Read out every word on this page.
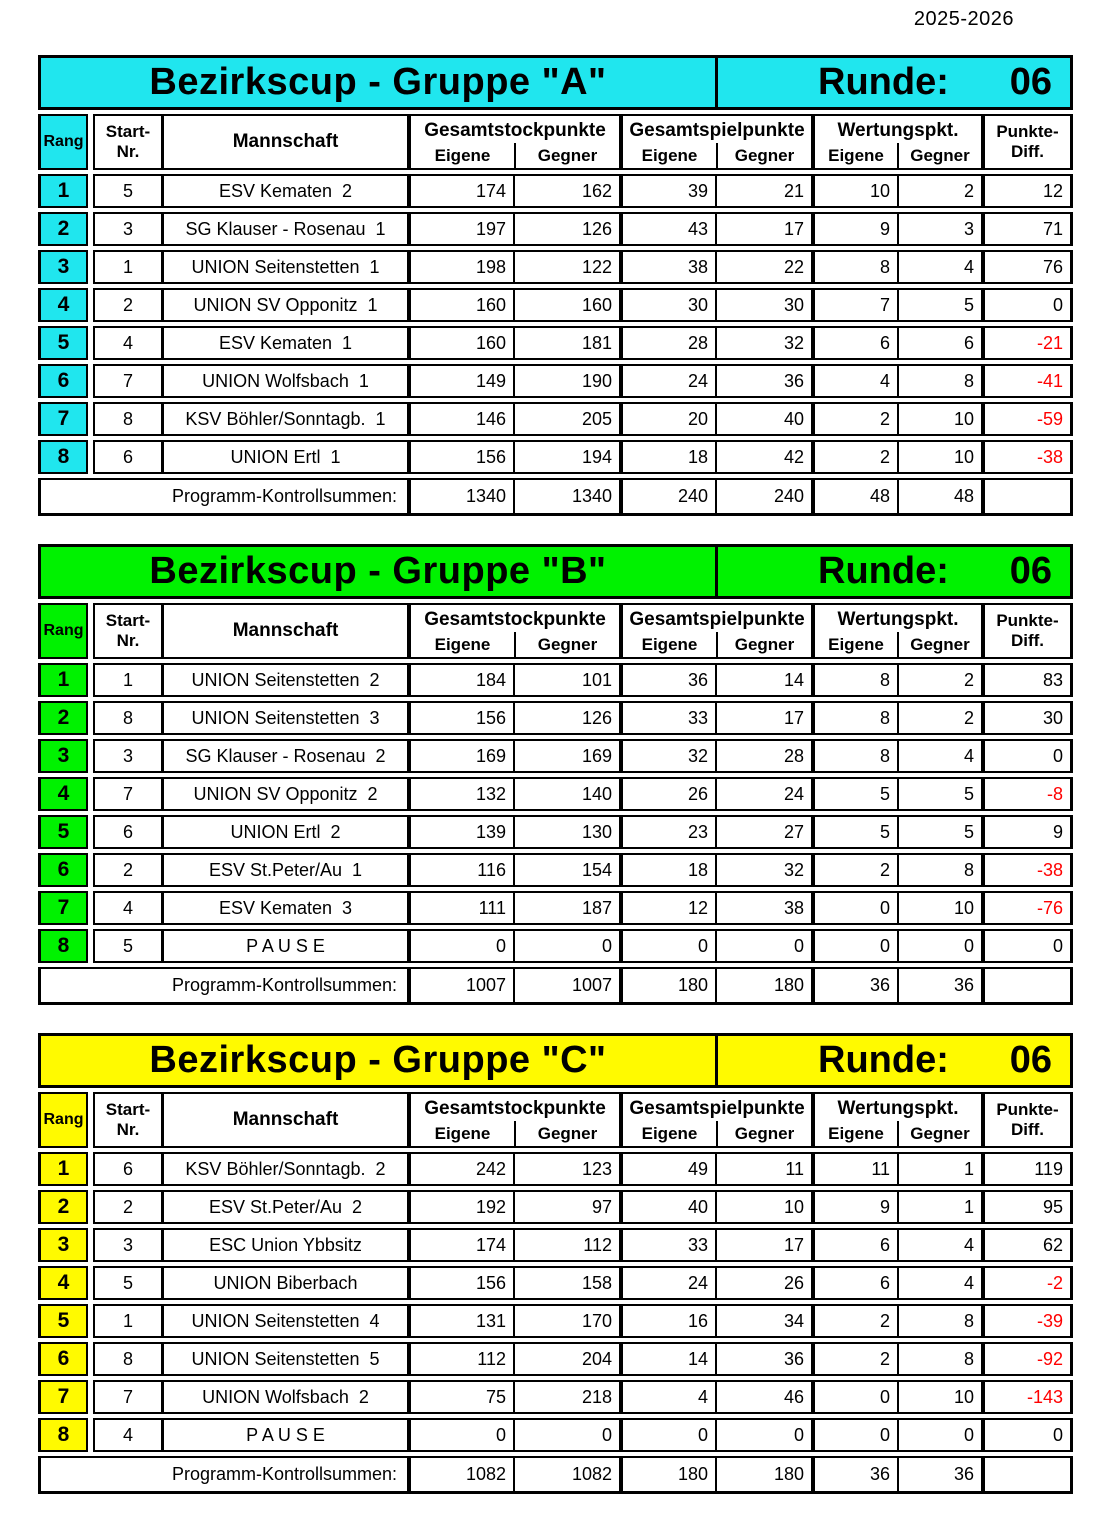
2025-2026
Bezirkscup - Gruppe "A"	Runde: 06
Rang
Start-
Nr.	Mannschaft
Gesamtstockpunkte
Eigene	Gegner
Gesamtspielpunkte
Eigene	Gegner
Wertungspkt.
Eigene	Gegner
Punkte-
Diff.
1	5	ESV Kematen  2	174	162	39	21	10	2	12
2	3	SG Klauser - Rosenau  1	197	126	43	17	9	3	71
3	1	UNION Seitenstetten  1	198	122	38	22	8	4	76
4	2	UNION SV Opponitz  1	160	160	30	30	7	5	0
5	4	ESV Kematen  1	160	181	28	32	6	6	-21
6	7	UNION Wolfsbach  1	149	190	24	36	4	8	-41
7	8	KSV Böhler/Sonntagb.  1	146	205	20	40	2	10	-59
8	6	UNION Ertl  1	156	194	18	42	2	10	-38
Programm-Kontrollsummen:	1340	1340	240	240	48	48
Bezirkscup - Gruppe "B"	Runde: 06
Rang
Start-
Nr.	Mannschaft
Gesamtstockpunkte
Eigene	Gegner
Gesamtspielpunkte
Eigene	Gegner
Wertungspkt.
Eigene	Gegner
Punkte-
Diff.
1	1	UNION Seitenstetten  2	184	101	36	14	8	2	83
2	8	UNION Seitenstetten  3	156	126	33	17	8	2	30
3	3	SG Klauser - Rosenau  2	169	169	32	28	8	4	0
4	7	UNION SV Opponitz  2	132	140	26	24	5	5	-8
5	6	UNION Ertl  2	139	130	23	27	5	5	9
6	2	ESV St.Peter/Au  1	116	154	18	32	2	8	-38
7	4	ESV Kematen  3	111	187	12	38	0	10	-76
8	5	P A U S E	0	0	0	0	0	0	0
Programm-Kontrollsummen:	1007	1007	180	180	36	36
Bezirkscup - Gruppe "C"	Runde: 06
Rang
Start-
Nr.	Mannschaft
Gesamtstockpunkte
Eigene	Gegner
Gesamtspielpunkte
Eigene	Gegner
Wertungspkt.
Eigene	Gegner
Punkte-
Diff.
1	6	KSV Böhler/Sonntagb.  2	242	123	49	11	11	1	119
2	2	ESV St.Peter/Au  2	192	97	40	10	9	1	95
3	3	ESC Union Ybbsitz	174	112	33	17	6	4	62
4	5	UNION Biberbach	156	158	24	26	6	4	-2
5	1	UNION Seitenstetten  4	131	170	16	34	2	8	-39
6	8	UNION Seitenstetten  5	112	204	14	36	2	8	-92
7	7	UNION Wolfsbach  2	75	218	4	46	0	10	-143
8	4	P A U S E	0	0	0	0	0	0	0
Programm-Kontrollsummen:	1082	1082	180	180	36	36
